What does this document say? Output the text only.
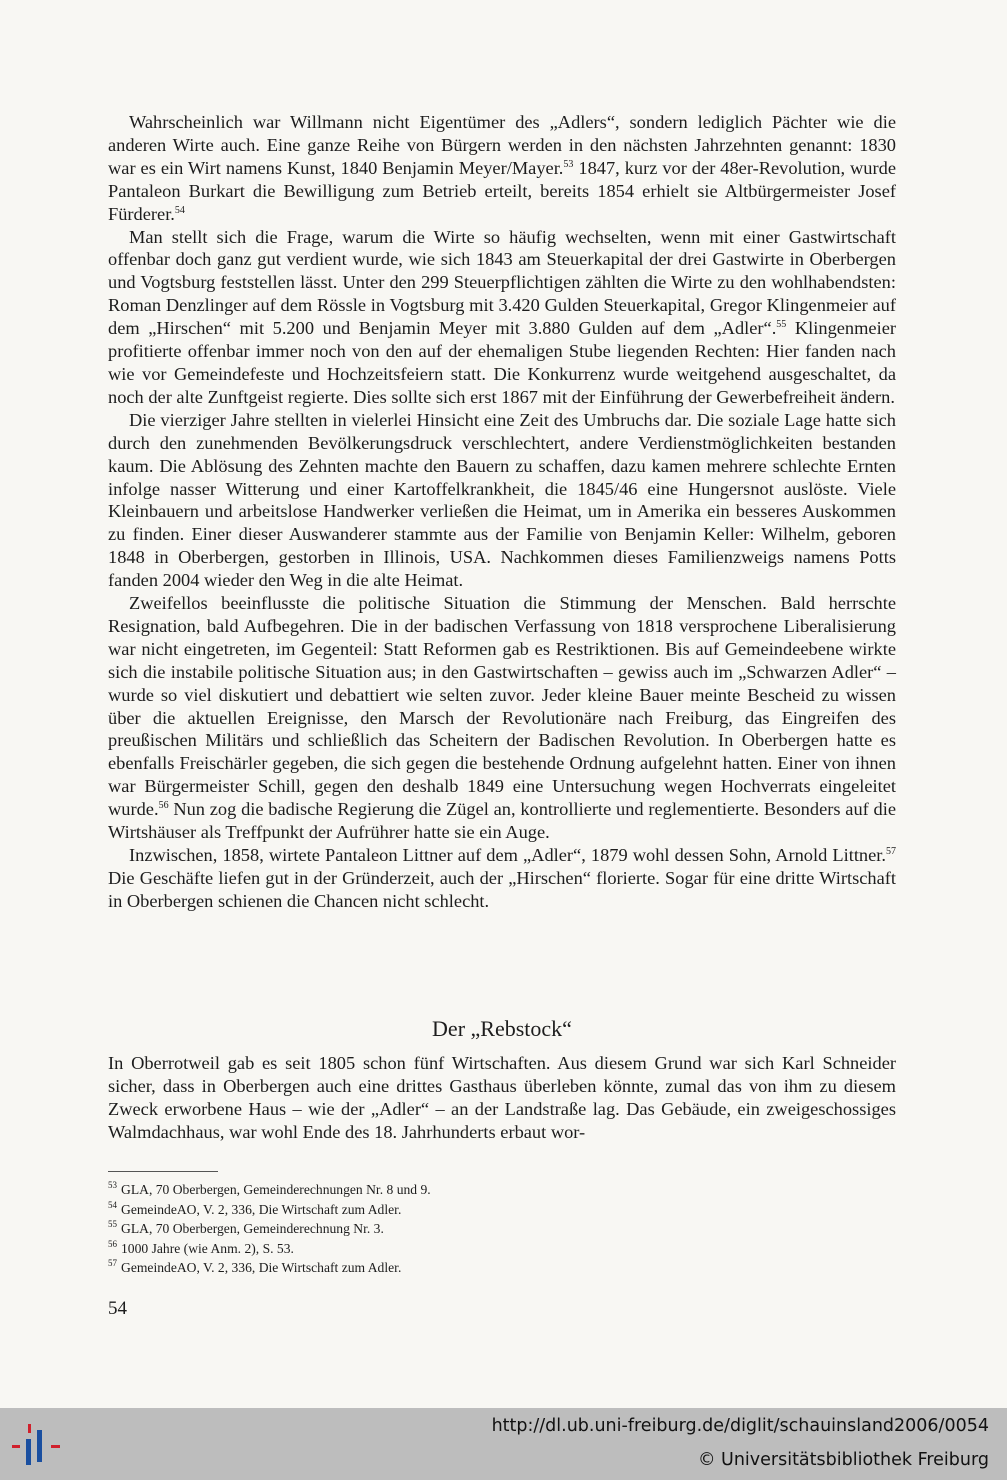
Wahrscheinlich war Willmann nicht Eigentümer des „Adlers“, sondern lediglich Pächter wie die anderen Wirte auch. Eine ganze Reihe von Bürgern werden in den nächsten Jahrzehnten genannt: 1830 war es ein Wirt namens Kunst, 1840 Benjamin Meyer/Mayer.$^{53}$ 1847, kurz vor der 48er-Revolution, wurde Pantaleon Burkart die Bewilligung zum Betrieb erteilt, bereits 1854 erhielt sie Altbürgermeister Josef Fürderer.$^{54}$

Man stellt sich die Frage, warum die Wirte so häufig wechselten, wenn mit einer Gastwirtschaft offenbar doch ganz gut verdient wurde, wie sich 1843 am Steuerkapital der drei Gastwirte in Oberbergen und Vogtsburg feststellen lässt. Unter den 299 Steuerpflichtigen zählten die Wirte zu den wohlhabendsten: Roman Denzlinger auf dem Rössle in Vogtsburg mit 3.420 Gulden Steuerkapital, Gregor Klingenmeier auf dem „Hirschen“ mit 5.200 und Benjamin Meyer mit 3.880 Gulden auf dem „Adler“.$^{55}$ Klingenmeier profitierte offenbar immer noch von den auf der ehemaligen Stube liegenden Rechten: Hier fanden nach wie vor Gemeindefeste und Hochzeitsfeiern statt. Die Konkurrenz wurde weitgehend ausgeschaltet, da noch der alte Zunftgeist regierte. Dies sollte sich erst 1867 mit der Einführung der Gewerbefreiheit ändern.

Die vierziger Jahre stellten in vielerlei Hinsicht eine Zeit des Umbruchs dar. Die soziale Lage hatte sich durch den zunehmenden Bevölkerungsdruck verschlechtert, andere Verdienstmöglichkeiten bestanden kaum. Die Ablösung des Zehnten machte den Bauern zu schaffen, dazu kamen mehrere schlechte Ernten infolge nasser Witterung und einer Kartoffelkrankheit, die 1845/46 eine Hungersnot auslöste. Viele Kleinbauern und arbeitslose Handwerker verließen die Heimat, um in Amerika ein besseres Auskommen zu finden. Einer dieser Auswanderer stammte aus der Familie von Benjamin Keller: Wilhelm, geboren 1848 in Oberbergen, gestorben in Illinois, USA. Nachkommen dieses Familienzweigs namens Potts fanden 2004 wieder den Weg in die alte Heimat.

Zweifellos beeinflusste die politische Situation die Stimmung der Menschen. Bald herrschte Resignation, bald Aufbegehren. Die in der badischen Verfassung von 1818 versprochene Liberalisierung war nicht eingetreten, im Gegenteil: Statt Reformen gab es Restriktionen. Bis auf Gemeindeebene wirkte sich die instabile politische Situation aus; in den Gastwirtschaften – gewiss auch im „Schwarzen Adler“ – wurde so viel diskutiert und debattiert wie selten zuvor. Jeder kleine Bauer meinte Bescheid zu wissen über die aktuellen Ereignisse, den Marsch der Revolutionäre nach Freiburg, das Eingreifen des preußischen Militärs und schließlich das Scheitern der Badischen Revolution. In Oberbergen hatte es ebenfalls Freischärler gegeben, die sich gegen die bestehende Ordnung aufgelehnt hatten. Einer von ihnen war Bürgermeister Schill, gegen den deshalb 1849 eine Untersuchung wegen Hochverrats eingeleitet wurde.$^{56}$ Nun zog die badische Regierung die Zügel an, kontrollierte und reglementierte. Besonders auf die Wirtshäuser als Treffpunkt der Aufrührer hatte sie ein Auge.

Inzwischen, 1858, wirtete Pantaleon Littner auf dem „Adler“, 1879 wohl dessen Sohn, Arnold Littner.$^{57}$ Die Geschäfte liefen gut in der Gründerzeit, auch der „Hirschen“ florierte. Sogar für eine dritte Wirtschaft in Oberbergen schienen die Chancen nicht schlecht.

Der „Rebstock“

In Oberrotweil gab es seit 1805 schon fünf Wirtschaften. Aus diesem Grund war sich Karl Schneider sicher, dass in Oberbergen auch eine drittes Gasthaus überleben könnte, zumal das von ihm zu diesem Zweck erworbene Haus – wie der „Adler“ – an der Landstraße lag. Das Gebäude, ein zweigeschossiges Walmdachhaus, war wohl Ende des 18. Jahrhunderts erbaut wor-

$^{53}$ GLA, 70 Oberbergen, Gemeinderechnungen Nr. 8 und 9.
$^{54}$ GemeindeAO, V. 2, 336, Die Wirtschaft zum Adler.
$^{55}$ GLA, 70 Oberbergen, Gemeinderechnung Nr. 3.
$^{56}$ 1000 Jahre (wie Anm. 2), S. 53.
$^{57}$ GemeindeAO, V. 2, 336, Die Wirtschaft zum Adler.
54
http://dl.ub.uni-freiburg.de/diglit/schauinsland2006/0054
© Universitätsbibliothek Freiburg
